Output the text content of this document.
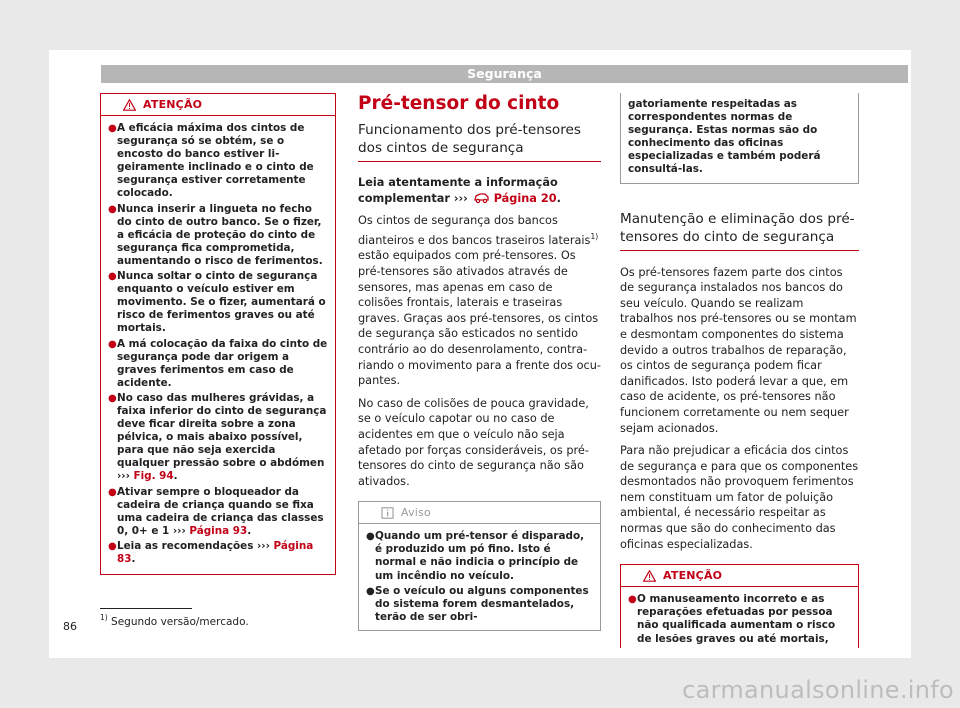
Segurança
ATENÇÃO
● A eficácia máxima dos cintos de segurança só se obtém, se o encosto do banco estiver ligeiramente inclinado e o cinto de segurança estiver corretamente colocado.
● Nunca inserir a lingueta no fecho do cinto de outro banco. Se o fizer, a eficácia de proteção do cinto de segurança fica comprometida, aumentando o risco de ferimentos.
● Nunca soltar o cinto de segurança enquanto o veículo estiver em movimento. Se o fizer, aumentará o risco de ferimentos graves ou até mortais.
● A má colocação da faixa do cinto de segurança pode dar origem a graves ferimentos em caso de acidente.
● No caso das mulheres grávidas, a faixa inferior do cinto de segurança deve ficar direita sobre a zona pélvica, o mais abaixo possível, para que não seja exercida qualquer pressão sobre o abdómen ››› Fig. 94.
● Ativar sempre o bloqueador da cadeira de criança quando se fixa uma cadeira de criança das classes 0, 0+ e 1 ››› Página 93.
● Leia as recomendações ››› Página 83.
Pré-tensor do cinto
Funcionamento dos pré-tensores dos cintos de segurança

Leia atentamente a informação complementar ››› Página 20.

Os cintos de segurança dos bancos dianteiros e dos bancos traseiros laterais$^{1)}$ estão equipados com pré-tensores. Os pré-tensores são ativados através de sensores, mas apenas em caso de colisões frontais, laterais e traseiras graves. Graças aos pré-tensores, os cintos de segurança são esticados no sentido contrário ao do desenrolamento, contrariando o movimento para a frente dos ocupantes.

No caso de colisões de pouca gravidade, se o veículo capotar ou no caso de acidentes em que o veículo não seja afetado por forças consideráveis, os pré-tensores do cinto de segurança não são ativados.

Aviso
● Quando um pré-tensor é disparado, é produzido um pó fino. Isto é normal e não indicia o princípio de um incêndio no veículo.
● Se o veículo ou alguns componentes do sistema forem desmantelados, terão de ser obri-
gatoriamente respeitadas as correspondentes normas de segurança. Estas normas são do conhecimento das oficinas especializadas e também poderá consultá-las.
Manutenção e eliminação dos pré-tensores do cinto de segurança

Os pré-tensores fazem parte dos cintos de segurança instalados nos bancos do seu veículo. Quando se realizam trabalhos nos pré-tensores ou se montam e desmontam componentes do sistema devido a outros trabalhos de reparação, os cintos de segurança podem ficar danificados. Isto poderá levar a que, em caso de acidente, os pré-tensores não funcionem corretamente ou nem sequer sejam acionados.

Para não prejudicar a eficácia dos cintos de segurança e para que os componentes desmontados não provoquem ferimentos nem constituam um fator de poluição ambiental, é necessário respeitar as normas que são do conhecimento das oficinas especializadas.

ATENÇÃO
● O manuseamento incorreto e as reparações efetuadas por pessoa não qualificada aumentam o risco de lesões graves ou até mortais,
$^{1)}$ Segundo versão/mercado.
86
carmanualsonline.info
